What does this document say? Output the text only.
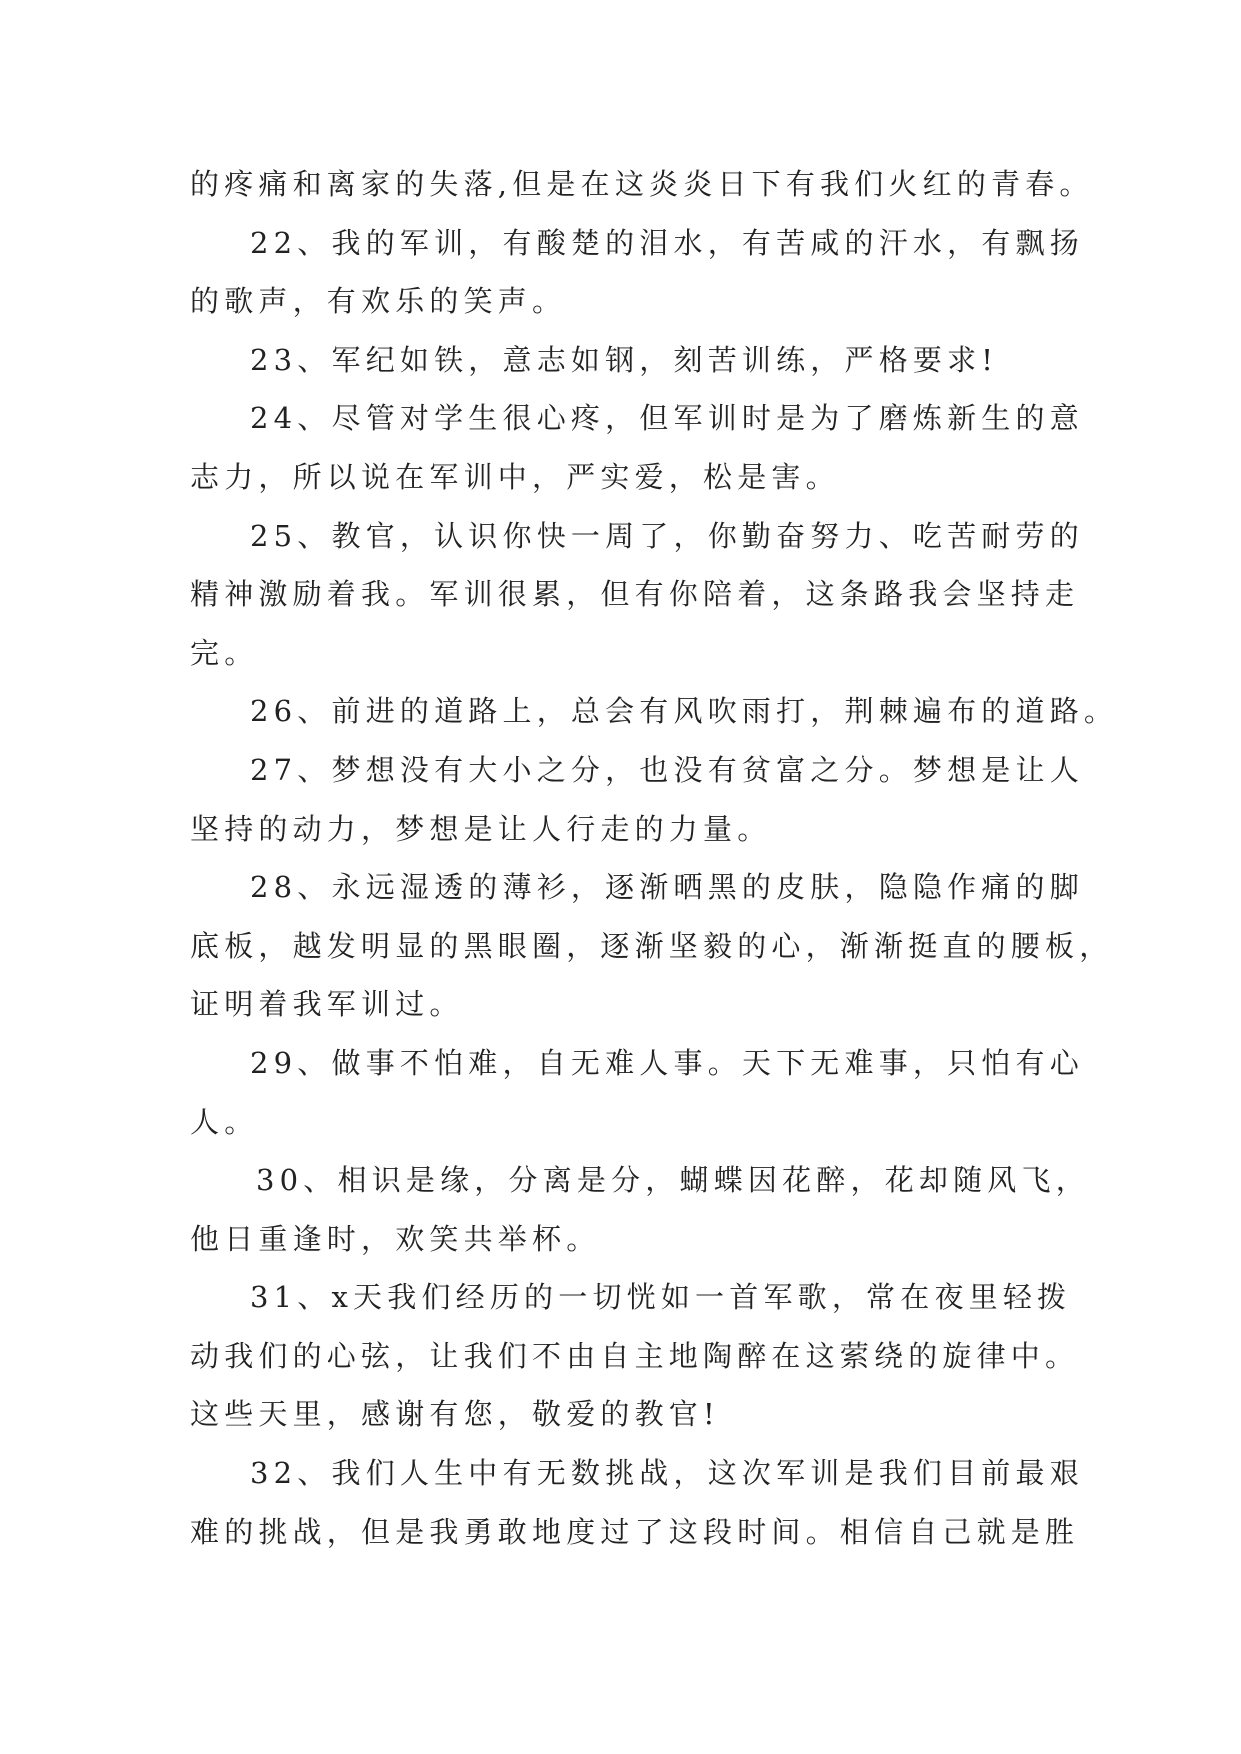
的疼痛和离家的失落,但是在这炎炎日下有我们火红的青春。
22、我的军训，有酸楚的泪水，有苦咸的汗水，有飘扬
的歌声，有欢乐的笑声。
23、军纪如铁，意志如钢，刻苦训练，严格要求!
24、尽管对学生很心疼，但军训时是为了磨炼新生的意
志力，所以说在军训中，严实爱，松是害。
25、教官，认识你快一周了，你勤奋努力、吃苦耐劳的
精神激励着我。军训很累，但有你陪着，这条路我会坚持走
完。
26、前进的道路上，总会有风吹雨打，荆棘遍布的道路。
27、梦想没有大小之分，也没有贫富之分。梦想是让人
坚持的动力，梦想是让人行走的力量。
28、永远湿透的薄衫，逐渐晒黑的皮肤，隐隐作痛的脚
底板，越发明显的黑眼圈，逐渐坚毅的心，渐渐挺直的腰板，
证明着我军训过。
29、做事不怕难，自无难人事。天下无难事，只怕有心
人。
30、相识是缘，分离是分，蝴蝶因花醉，花却随风飞，
他日重逢时，欢笑共举杯。
31、x天我们经历的一切恍如一首军歌，常在夜里轻拨
动我们的心弦，让我们不由自主地陶醉在这萦绕的旋律中。
这些天里，感谢有您，敬爱的教官!
32、我们人生中有无数挑战，这次军训是我们目前最艰
难的挑战，但是我勇敢地度过了这段时间。相信自己就是胜
